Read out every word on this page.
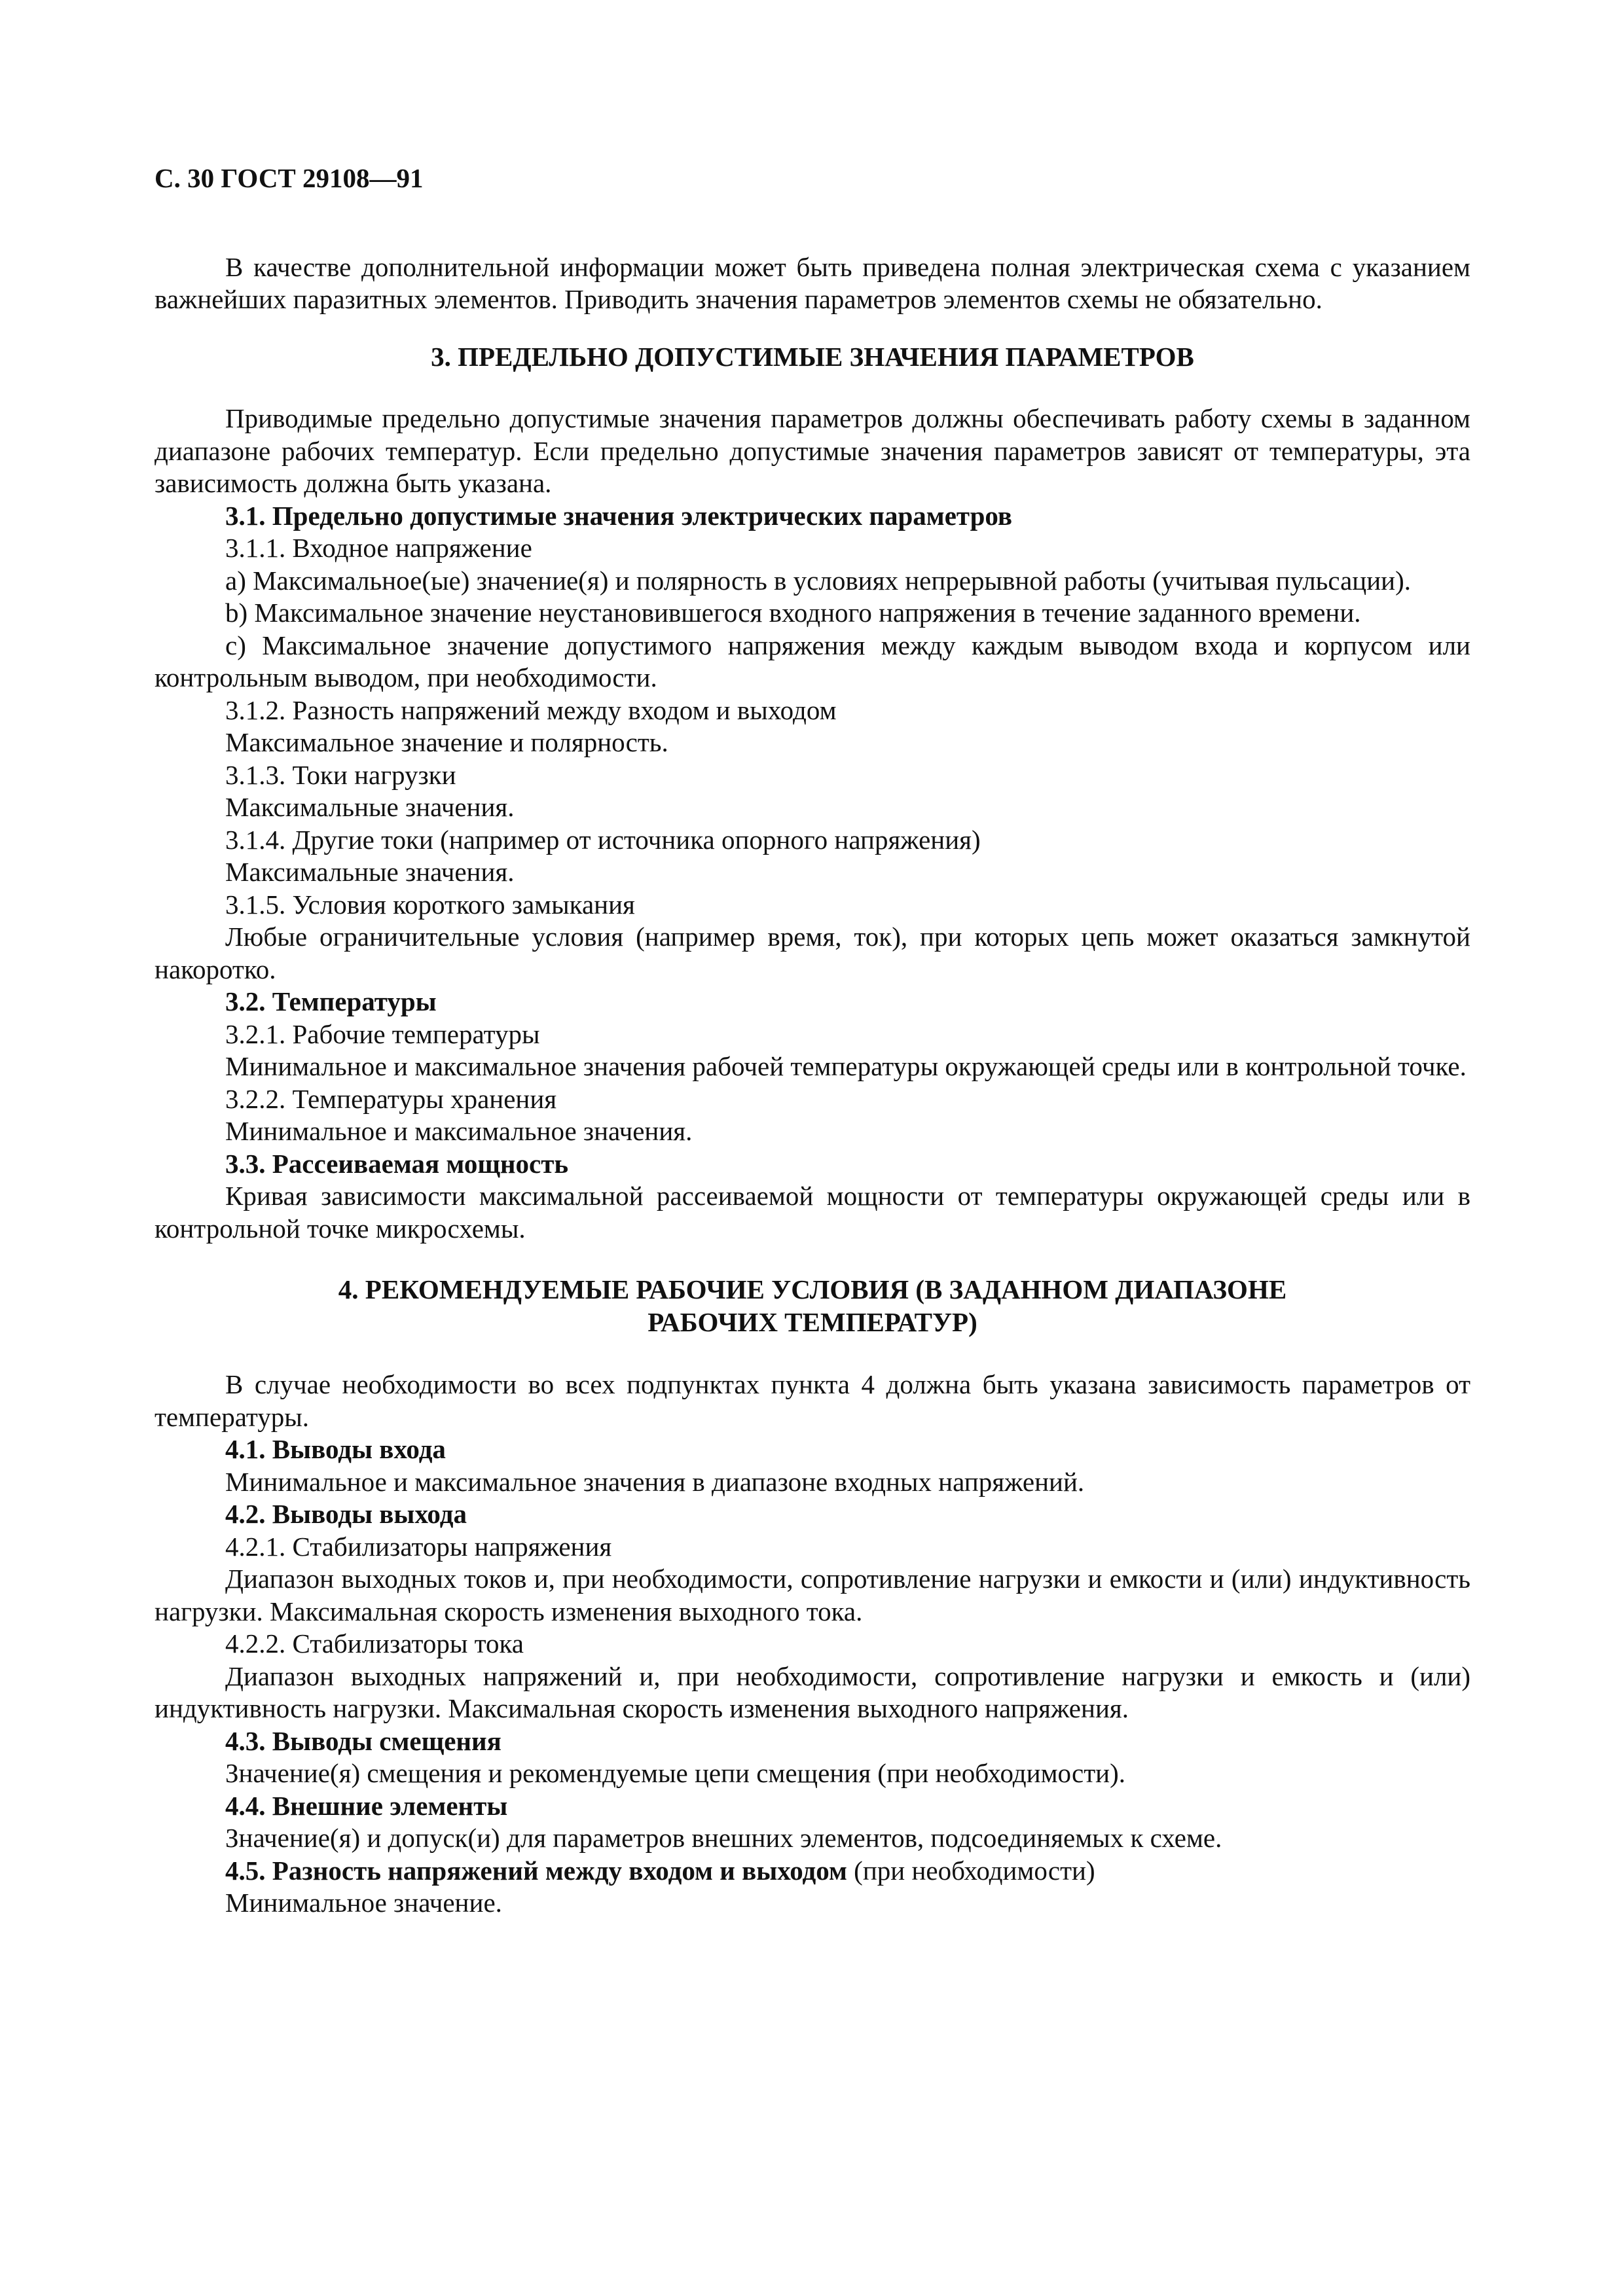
С. 30 ГОСТ 29108—91

В качестве дополнительной информации может быть приведена полная электрическая схема с указанием важнейших паразитных элементов. Приводить значения параметров элементов схемы не обязательно.

3. ПРЕДЕЛЬНО ДОПУСТИМЫЕ ЗНАЧЕНИЯ ПАРАМЕТРОВ

Приводимые предельно допустимые значения параметров должны обеспечивать работу схемы в заданном диапазоне рабочих температур. Если предельно допустимые значения параметров зависят от температуры, эта зависимость должна быть указана.

3.1. Предельно допустимые значения электрических параметров

3.1.1. Входное напряжение

а) Максимальное(ые) значение(я) и полярность в условиях непрерывной работы (учитывая пульсации).

b) Максимальное значение неустановившегося входного напряжения в течение заданного времени.

с) Максимальное значение допустимого напряжения между каждым выводом входа и корпусом или контрольным выводом, при необходимости.

3.1.2. Разность напряжений между входом и выходом

Максимальное значение и полярность.

3.1.3. Токи нагрузки

Максимальные значения.

3.1.4. Другие токи (например от источника опорного напряжения)

Максимальные значения.

3.1.5. Условия короткого замыкания

Любые ограничительные условия (например время, ток), при которых цепь может оказаться замкнутой накоротко.

3.2. Температуры

3.2.1. Рабочие температуры

Минимальное и максимальное значения рабочей температуры окружающей среды или в контрольной точке.

3.2.2. Температуры хранения

Минимальное и максимальное значения.

3.3. Рассеиваемая мощность

Кривая зависимости максимальной рассеиваемой мощности от температуры окружающей среды или в контрольной точке микросхемы.

4. РЕКОМЕНДУЕМЫЕ РАБОЧИЕ УСЛОВИЯ (В ЗАДАННОМ ДИАПАЗОНЕ

РАБОЧИХ ТЕМПЕРАТУР)

В случае необходимости во всех подпунктах пункта 4 должна быть указана зависимость параметров от температуры.

4.1. Выводы входа

Минимальное и максимальное значения в диапазоне входных напряжений.

4.2. Выводы выхода

4.2.1. Стабилизаторы напряжения

Диапазон выходных токов и, при необходимости, сопротивление нагрузки и емкости и (или) индуктивность нагрузки. Максимальная скорость изменения выходного тока.

4.2.2. Стабилизаторы тока

Диапазон выходных напряжений и, при необходимости, сопротивление нагрузки и емкость и (или) индуктивность нагрузки. Максимальная скорость изменения выходного напряжения.

4.3. Выводы смещения

Значение(я) смещения и рекомендуемые цепи смещения (при необходимости).

4.4. Внешние элементы

Значение(я) и допуск(и) для параметров внешних элементов, подсоединяемых к схеме.

4.5. Разность напряжений между входом и выходом (при необходимости)

Минимальное значение.
